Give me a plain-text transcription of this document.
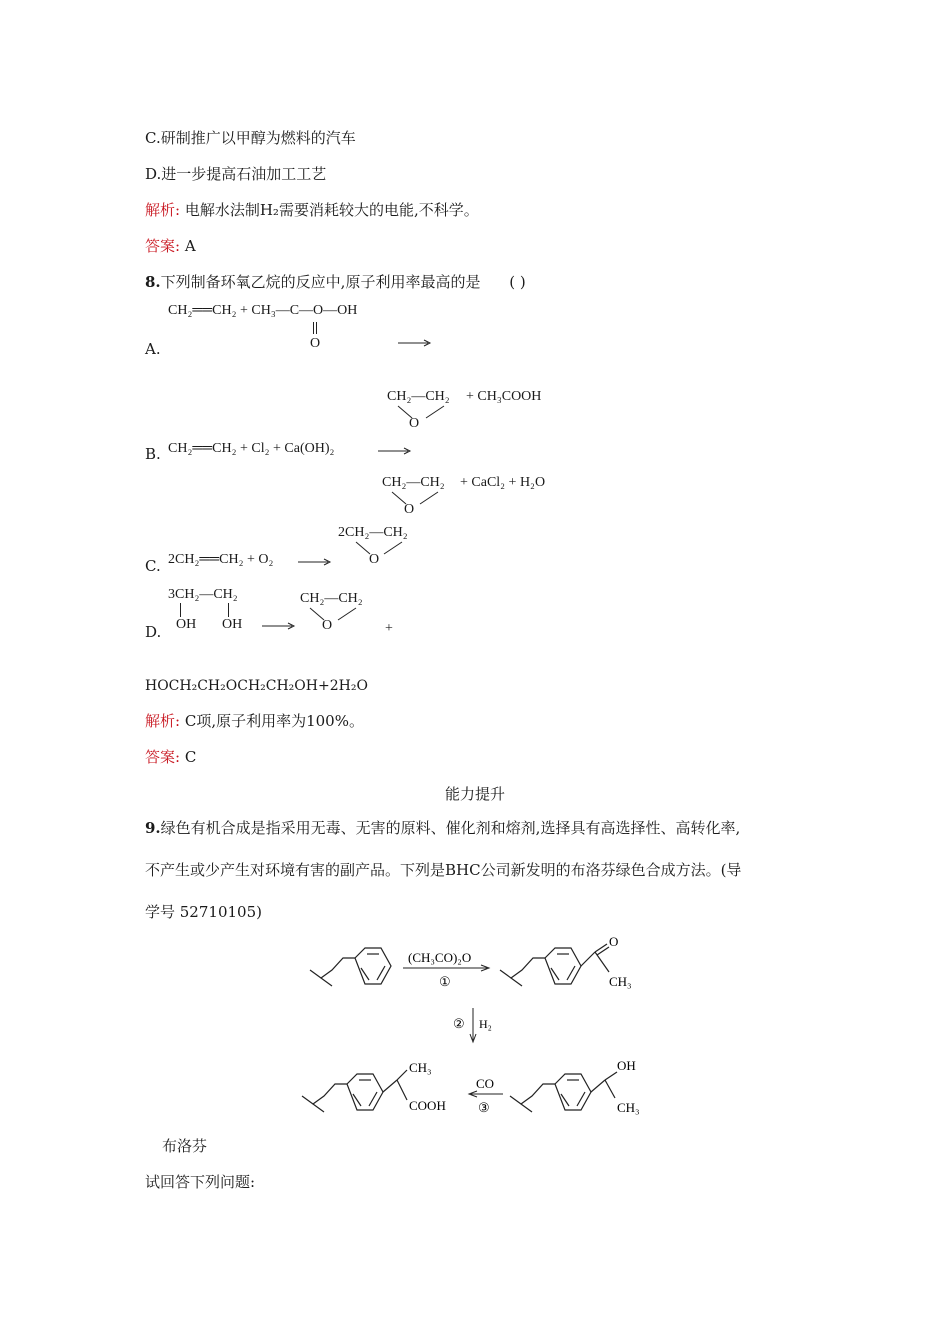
C.研制推广以甲醇为燃料的汽车
D.进一步提高石油加工工艺
解析: 电解水法制H₂需要消耗较大的电能,不科学。
答案: A
8.下列制备环氧乙烷的反应中,原子利用率最高的是 ( )
CH₂══CH₂ + CH₃—C—O—OH
O
A.
CH₂—CH₂ + CH₃COOH
O
B. CH₂══CH₂ + Cl₂ + Ca(OH)₂
CH₂—CH₂ + CaCl₂ + H₂O
O
2CH₂—CH₂
O
C. 2CH₂══CH₂ + O₂
3CH₂—CH₂
OH OH
D.
CH₂—CH₂
O	+
HOCH₂CH₂OCH₂CH₂OH+2H₂O
解析: C项,原子利用率为100%。
答案: C
能力提升
9.绿色有机合成是指采用无毒、无害的原料、催化剂和熔剂,选择具有高选择性、高转化率,
不产生或少产生对环境有害的副产品。下列是BHC公司新发明的布洛芬绿色合成方法。(导
学号 52710105)
(CH₃CO)₂O
①
O
CH₃
② H₂
OH
CH₃
CO
③
CH₃
COOH
布洛芬
试回答下列问题:
